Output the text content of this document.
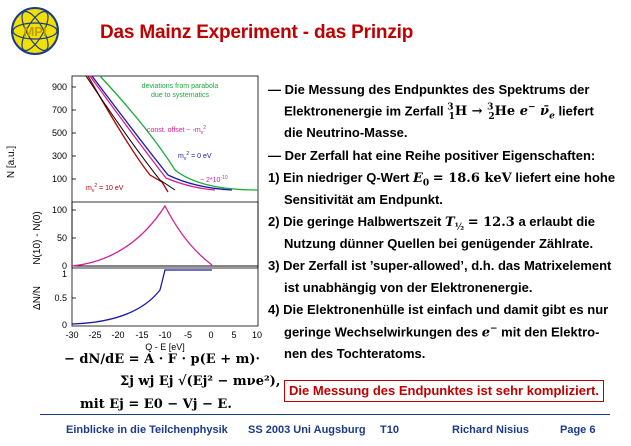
MPI	Das Mainz Experiment - das Prinzip
900
700
500
300
100
100
50
0
1
0.5
0
N [a.u.]
N(10) - N(0)
ΔN/N
-30 -25 -20 -15 -10 -5 0 5 10
Q - E [eV]
deviations from parabola
due to systematics
const. offset ~ $-m_\nu^2$
$m_\nu^2 = 0$ eV
~ $2*10^{-10}$
$m_\nu^2 = 10$ eV
— Die Messung des Endpunktes des Spektrums der
Elektronenergie im Zerfall $^3_1$H → $^3_2$He e− $\nū_e$ liefert
die Neutrino-Masse.
— Der Zerfall hat eine Reihe positiver Eigenschaften:
1) Ein niedriger Q-Wert $E_0 = 18.6$ keV liefert eine hohe
Sensitivität am Endpunkt.
2) Die geringe Halbwertszeit $T_{\frac{1}{2}} = 12.3$ a erlaubt die
Nutzung dünner Quellen bei genügender Zählrate.
3) Der Zerfall ist ’super-allowed’, d.h. das Matrixelement
ist unabhängig von der Elektronenergie.
4) Die Elektronenhülle ist einfach und damit gibt es nur
geringe Wechselwirkungen des e− mit den Elektro-
nen des Tochteratoms.
− dN/dE = A · F · p(E + m)·
Σj wj Ej √(Ej² − mνe²),
mit Ej = E0 − Vj − E.
Die Messung des Endpunktes ist sehr kompliziert.
Einblicke in die Teilchenphysik SS 2003 Uni Augsburg T10	Richard Nisius	Page 6
